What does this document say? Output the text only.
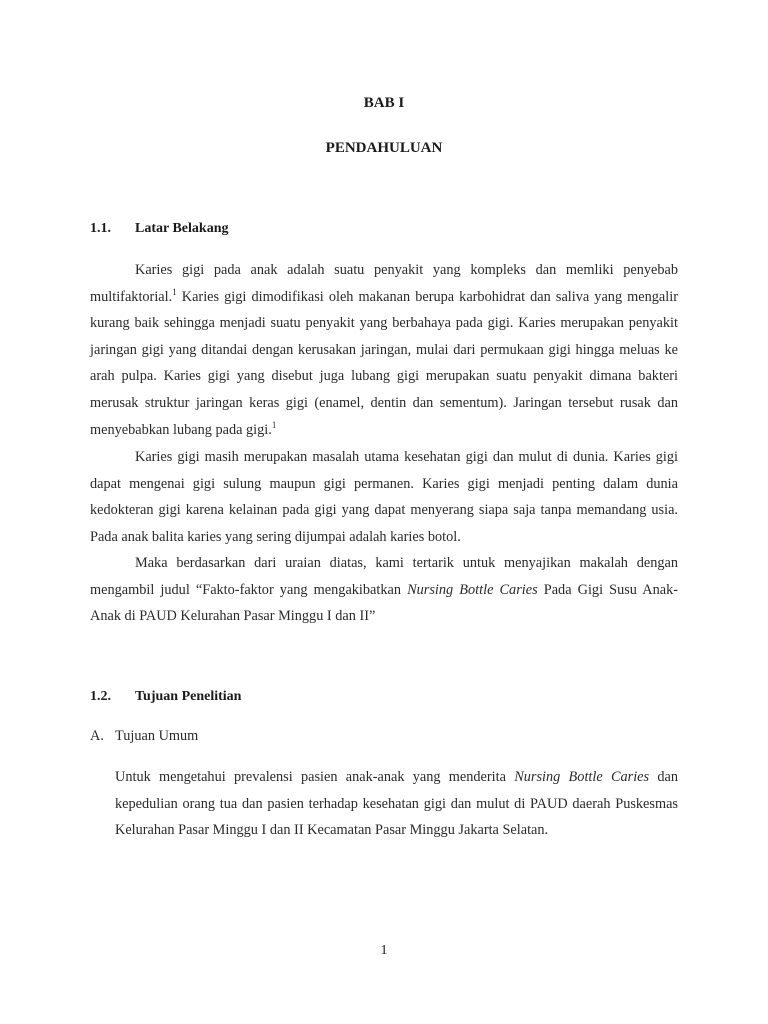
BAB I
PENDAHULUAN
1.1. Latar Belakang

Karies gigi pada anak adalah suatu penyakit yang kompleks dan memliki penyebab multifaktorial.$^1$ Karies gigi dimodifikasi oleh makanan berupa karbohidrat dan saliva yang mengalir kurang baik sehingga menjadi suatu penyakit yang berbahaya pada gigi. Karies merupakan penyakit jaringan gigi yang ditandai dengan kerusakan jaringan, mulai dari permukaan gigi hingga meluas ke arah pulpa. Karies gigi yang disebut juga lubang gigi merupakan suatu penyakit dimana bakteri merusak struktur jaringan keras gigi (enamel, dentin dan sementum). Jaringan tersebut rusak dan menyebabkan lubang pada gigi.$^1$

Karies gigi masih merupakan masalah utama kesehatan gigi dan mulut di dunia. Karies gigi dapat mengenai gigi sulung maupun gigi permanen. Karies gigi menjadi penting dalam dunia kedokteran gigi karena kelainan pada gigi yang dapat menyerang siapa saja tanpa memandang usia. Pada anak balita karies yang sering dijumpai adalah karies botol.

Maka berdasarkan dari uraian diatas, kami tertarik untuk menyajikan makalah dengan mengambil judul “Fakto-faktor yang mengakibatkan Nursing Bottle Caries Pada Gigi Susu Anak-Anak di PAUD Kelurahan Pasar Minggu I dan II”

1.2. Tujuan Penelitian
A. Tujuan Umum

Untuk mengetahui prevalensi pasien anak-anak yang menderita Nursing Bottle Caries dan kepedulian orang tua dan pasien terhadap kesehatan gigi dan mulut di PAUD daerah Puskesmas Kelurahan Pasar Minggu I dan II Kecamatan Pasar Minggu Jakarta Selatan.

1
